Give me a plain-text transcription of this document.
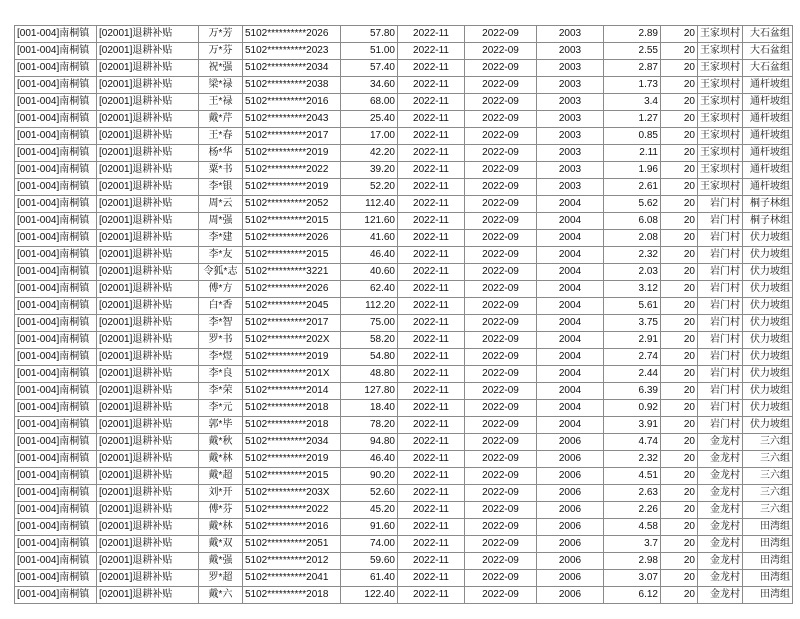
[001-004]南桐镇	[02001]退耕补贴	万*芳	5102**********2026	57.80	2022-11	2022-09	2003	2.89	20	王家坝村	大石盆组
[001-004]南桐镇	[02001]退耕补贴	万*芬	5102**********2023	51.00	2022-11	2022-09	2003	2.55	20	王家坝村	大石盆组
[001-004]南桐镇	[02001]退耕补贴	祝*强	5102**********2034	57.40	2022-11	2022-09	2003	2.87	20	王家坝村	大石盆组
[001-004]南桐镇	[02001]退耕补贴	梁*禄	5102**********2038	34.60	2022-11	2022-09	2003	1.73	20	王家坝村	通杆坡组
[001-004]南桐镇	[02001]退耕补贴	王*禄	5102**********2016	68.00	2022-11	2022-09	2003	3.4	20	王家坝村	通杆坡组
[001-004]南桐镇	[02001]退耕补贴	戴*芹	5102**********2043	25.40	2022-11	2022-09	2003	1.27	20	王家坝村	通杆坡组
[001-004]南桐镇	[02001]退耕补贴	王*春	5102**********2017	17.00	2022-11	2022-09	2003	0.85	20	王家坝村	通杆坡组
[001-004]南桐镇	[02001]退耕补贴	杨*华	5102**********2019	42.20	2022-11	2022-09	2003	2.11	20	王家坝村	通杆坡组
[001-004]南桐镇	[02001]退耕补贴	粟*书	5102**********2022	39.20	2022-11	2022-09	2003	1.96	20	王家坝村	通杆坡组
[001-004]南桐镇	[02001]退耕补贴	李*银	5102**********2019	52.20	2022-11	2022-09	2003	2.61	20	王家坝村	通杆坡组
[001-004]南桐镇	[02001]退耕补贴	周*云	5102**********2052	112.40	2022-11	2022-09	2004	5.62	20	岩门村	桐子林组
[001-004]南桐镇	[02001]退耕补贴	周*强	5102**********2015	121.60	2022-11	2022-09	2004	6.08	20	岩门村	桐子林组
[001-004]南桐镇	[02001]退耕补贴	李*建	5102**********2026	41.60	2022-11	2022-09	2004	2.08	20	岩门村	伏力坡组
[001-004]南桐镇	[02001]退耕补贴	李*友	5102**********2015	46.40	2022-11	2022-09	2004	2.32	20	岩门村	伏力坡组
[001-004]南桐镇	[02001]退耕补贴	令狐*志	5102**********3221	40.60	2022-11	2022-09	2004	2.03	20	岩门村	伏力坡组
[001-004]南桐镇	[02001]退耕补贴	傅*方	5102**********2026	62.40	2022-11	2022-09	2004	3.12	20	岩门村	伏力坡组
[001-004]南桐镇	[02001]退耕补贴	白*香	5102**********2045	112.20	2022-11	2022-09	2004	5.61	20	岩门村	伏力坡组
[001-004]南桐镇	[02001]退耕补贴	李*智	5102**********2017	75.00	2022-11	2022-09	2004	3.75	20	岩门村	伏力坡组
[001-004]南桐镇	[02001]退耕补贴	罗*书	5102**********202X	58.20	2022-11	2022-09	2004	2.91	20	岩门村	伏力坡组
[001-004]南桐镇	[02001]退耕补贴	李*煜	5102**********2019	54.80	2022-11	2022-09	2004	2.74	20	岩门村	伏力坡组
[001-004]南桐镇	[02001]退耕补贴	李*良	5102**********201X	48.80	2022-11	2022-09	2004	2.44	20	岩门村	伏力坡组
[001-004]南桐镇	[02001]退耕补贴	李*荣	5102**********2014	127.80	2022-11	2022-09	2004	6.39	20	岩门村	伏力坡组
[001-004]南桐镇	[02001]退耕补贴	李*元	5102**********2018	18.40	2022-11	2022-09	2004	0.92	20	岩门村	伏力坡组
[001-004]南桐镇	[02001]退耕补贴	郭*毕	5102**********2018	78.20	2022-11	2022-09	2004	3.91	20	岩门村	伏力坡组
[001-004]南桐镇	[02001]退耕补贴	戴*秋	5102**********2034	94.80	2022-11	2022-09	2006	4.74	20	金龙村	三六组
[001-004]南桐镇	[02001]退耕补贴	戴*林	5102**********2019	46.40	2022-11	2022-09	2006	2.32	20	金龙村	三六组
[001-004]南桐镇	[02001]退耕补贴	戴*超	5102**********2015	90.20	2022-11	2022-09	2006	4.51	20	金龙村	三六组
[001-004]南桐镇	[02001]退耕补贴	刘*开	5102**********203X	52.60	2022-11	2022-09	2006	2.63	20	金龙村	三六组
[001-004]南桐镇	[02001]退耕补贴	傅*芬	5102**********2022	45.20	2022-11	2022-09	2006	2.26	20	金龙村	三六组
[001-004]南桐镇	[02001]退耕补贴	戴*林	5102**********2016	91.60	2022-11	2022-09	2006	4.58	20	金龙村	田湾组
[001-004]南桐镇	[02001]退耕补贴	戴*双	5102**********2051	74.00	2022-11	2022-09	2006	3.7	20	金龙村	田湾组
[001-004]南桐镇	[02001]退耕补贴	戴*强	5102**********2012	59.60	2022-11	2022-09	2006	2.98	20	金龙村	田湾组
[001-004]南桐镇	[02001]退耕补贴	罗*超	5102**********2041	61.40	2022-11	2022-09	2006	3.07	20	金龙村	田湾组
[001-004]南桐镇	[02001]退耕补贴	戴*六	5102**********2018	122.40	2022-11	2022-09	2006	6.12	20	金龙村	田湾组
